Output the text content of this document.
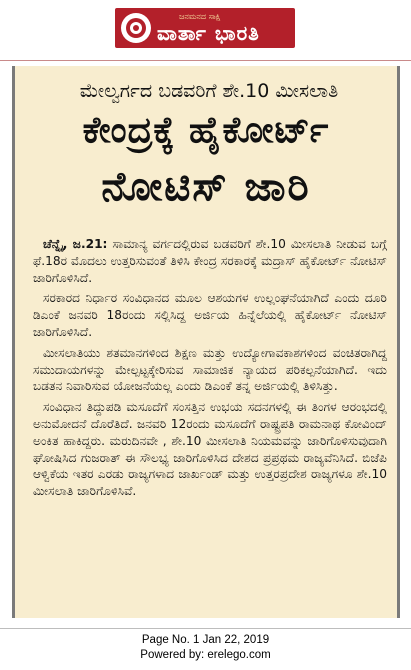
ಜನಮನದ ಸಾಕ್ಷಿ
ವಾರ್ತಾ ಭಾರತಿ
ಮೇಲ್ವರ್ಗದ ಬಡವರಿಗೆ ಶೇ.10 ಮೀಸಲಾತಿ
ಕೇಂದ್ರಕ್ಕೆ ಹೈಕೋರ್ಟ್
ನೋಟಿಸ್ ಜಾರಿ

ಚೆನ್ನೈ, ಜ.21: ಸಾಮಾನ್ಯ ವರ್ಗದಲ್ಲಿರುವ ಬಡವರಿಗೆ ಶೇ.10 ಮೀಸಲಾತಿ ನೀಡುವ ಬಗ್ಗೆ ಫೆ.18ರ ಮೊದಲು ಉತ್ತರಿಸುವಂತೆ ತಿಳಿಸಿ ಕೇಂದ್ರ ಸರಕಾರಕ್ಕೆ ಮದ್ರಾಸ್ ಹೈಕೋರ್ಟ್ ನೋಟಿಸ್ ಜಾರಿಗೊಳಿಸಿದೆ.

ಸರಕಾರದ ನಿರ್ಧಾರ ಸಂವಿಧಾನದ ಮೂಲ ಆಶಯಗಳ ಉಲ್ಲಂಘನೆಯಾಗಿದೆ ಎಂದು ದೂರಿ ಡಿಎಂಕೆ ಜನವರಿ 18ರಂದು ಸಲ್ಲಿಸಿದ್ದ ಅರ್ಜಿಯ ಹಿನ್ನೆಲೆಯಲ್ಲಿ ಹೈಕೋರ್ಟ್ ನೋಟಿಸ್ ಜಾರಿಗೊಳಿಸಿದೆ.

ಮೀಸಲಾತಿಯು ಶತಮಾನಗಳಿಂದ ಶಿಕ್ಷಣ ಮತ್ತು ಉದ್ಯೋಗಾವಕಾಶಗಳಿಂದ ವಂಚಿತರಾಗಿದ್ದ ಸಮುದಾಯಗಳನ್ನು ಮೇಲ್ಪಟ್ಟಕ್ಕೇರಿಸುವ ಸಾಮಾಜಿಕ ನ್ಯಾಯದ ಪರಿಕಲ್ಪನೆಯಾಗಿದೆ. ಇದು ಬಡತನ ನಿವಾರಿಸುವ ಯೋಜನೆಯಲ್ಲ ಎಂದು ಡಿಎಂಕೆ ತನ್ನ ಅರ್ಜಿಯಲ್ಲಿ ತಿಳಿಸಿತ್ತು.

ಸಂವಿಧಾನ ತಿದ್ದುಪಡಿ ಮಸೂದೆಗೆ ಸಂಸತ್ತಿನ ಉಭಯ ಸದನಗಳಲ್ಲಿ ಈ ತಿಂಗಳ ಆರಂಭದಲ್ಲಿ ಅನುಮೋದನೆ ದೊರೆತಿದೆ. ಜನವರಿ 12ರಂದು ಮಸೂದೆಗೆ ರಾಷ್ಟ್ರಪತಿ ರಾಮನಾಥ ಕೋವಿಂದ್ ಅಂಕಿತ ಹಾಕಿದ್ದರು. ಮರುದಿನವೇ , ಶೇ.10 ಮೀಸಲಾತಿ ನಿಯಮವನ್ನು ಜಾರಿಗೊಳಿಸುವುದಾಗಿ ಘೋಷಿಸಿದ ಗುಜರಾತ್ ಈ ಸೌಲಭ್ಯ ಜಾರಿಗೊಳಿಸಿದ ದೇಶದ ಪ್ರಪ್ರಥಮ ರಾಜ್ಯವೆನಿಸಿದೆ. ಬಿಜೆಪಿ ಆಳ್ವಿಕೆಯ ಇತರ ಎರಡು ರಾಜ್ಯಗಳಾದ ಜಾರ್ಖಂಡ್ ಮತ್ತು ಉತ್ತರಪ್ರದೇಶ ರಾಜ್ಯಗಳೂ ಶೇ.10 ಮೀಸಲಾತಿ ಜಾರಿಗೊಳಿಸಿವೆ.

Page No. 1 Jan 22, 2019
Powered by: erelego.com
